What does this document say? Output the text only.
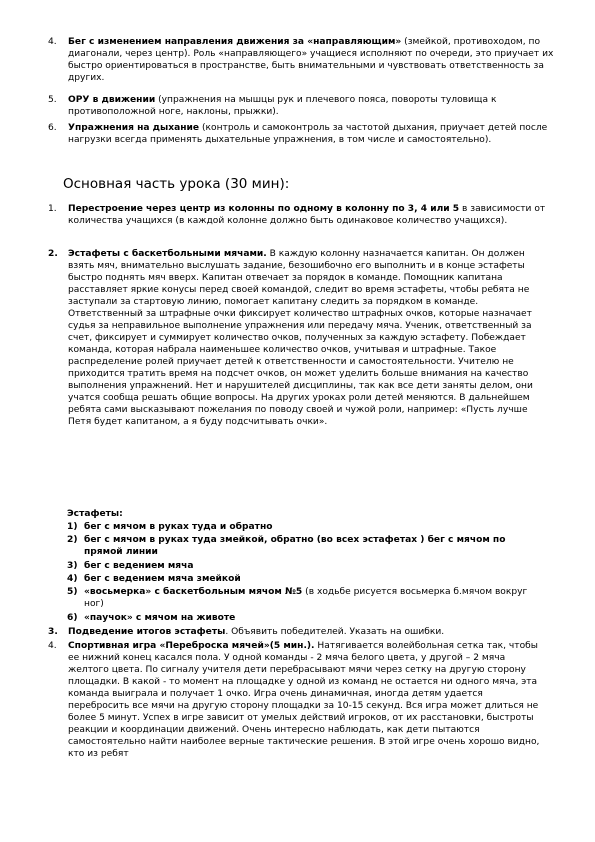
4.	Бег с изменением направления движения за «направляющим» (змейкой, противоходом, по диагонали, через центр). Роль «направляющего» учащиеся исполняют по очереди, это приучает их быстро ориентироваться в пространстве, быть внимательными и чувствовать ответственность за других.
5.	ОРУ в движении (упражнения на мышцы рук и плечевого пояса, повороты туловища к противоположной ноге, наклоны, прыжки).
6.	Упражнения на дыхание (контроль и самоконтроль за частотой дыхания, приучает детей после нагрузки всегда применять дыхательные упражнения, в том числе и самостоятельно).
Основная часть урока (30 мин):
1.	Перестроение через центр из колонны по одному в колонну по 3, 4 или 5 в зависимости от количества учащихся (в каждой колонне должно быть одинаковое количество учащихся).
2.	Эстафеты с баскетбольными мячами. В каждую колонну назначается капитан. Он должен взять мяч, внимательно выслушать задание, безошибочно его выполнить и в конце эстафеты быстро поднять мяч вверх. Капитан отвечает за порядок в команде. Помощник капитана расставляет яркие конусы перед своей командой, следит во время эстафеты, чтобы ребята не заступали за стартовую линию, помогает капитану следить за порядком в команде. Ответственный за штрафные очки фиксирует количество штрафных очков, которые назначает судья за неправильное выполнение упражнения или передачу мяча. Ученик, ответственный за счет, фиксирует и суммирует количество очков, полученных за каждую эстафету. Побеждает команда, которая набрала наименьшее количество очков, учитывая и штрафные. Такое распределение ролей приучает детей к ответственности и самостоятельности. Учителю не приходится тратить время на подсчет очков, он может уделить больше внимания на качество выполнения упражнений. Нет и нарушителей дисциплины, так как все дети заняты делом, они учатся сообща решать общие вопросы. На других уроках роли детей меняются. В дальнейшем ребята сами высказывают пожелания по поводу своей и чужой роли, например: «Пусть лучше Петя будет капитаном, а я буду подсчитывать очки».
Эстафеты:
1) бег с мячом в руках туда и обратно
2) бег с мячом в руках туда змейкой, обратно (во всех эстафетах ) бег с мячом по прямой линии
3) бег с ведением мяча
4) бег с ведением мяча змейкой
5) «восьмерка» с баскетбольным мячом №5 (в ходьбе рисуется восьмерка б.мячом вокруг ног)
6) «паучок» с мячом на животе
3.	Подведение итогов эстафеты. Объявить победителей. Указать на ошибки.
4.	Спортивная игра «Переброска мячей»(5 мин.). Натягивается волейбольная сетка так, чтобы ее нижний конец касался пола. У одной команды - 2 мяча белого цвета, у другой – 2 мяча желтого цвета. По сигналу учителя дети перебрасывают мячи через сетку на другую сторону площадки. В какой - то момент на площадке у одной из команд не остается ни одного мяча, эта команда выиграла и получает 1 очко. Игра очень динамичная, иногда детям удается перебросить все мячи на другую сторону площадки за 10-15 секунд. Вся игра может длиться не более 5 минут. Успех в игре зависит от умелых действий игроков, от их расстановки, быстроты реакции и координации движений. Очень интересно наблюдать, как дети пытаются самостоятельно найти наиболее верные тактические решения. В этой игре очень хорошо видно, кто из ребят
